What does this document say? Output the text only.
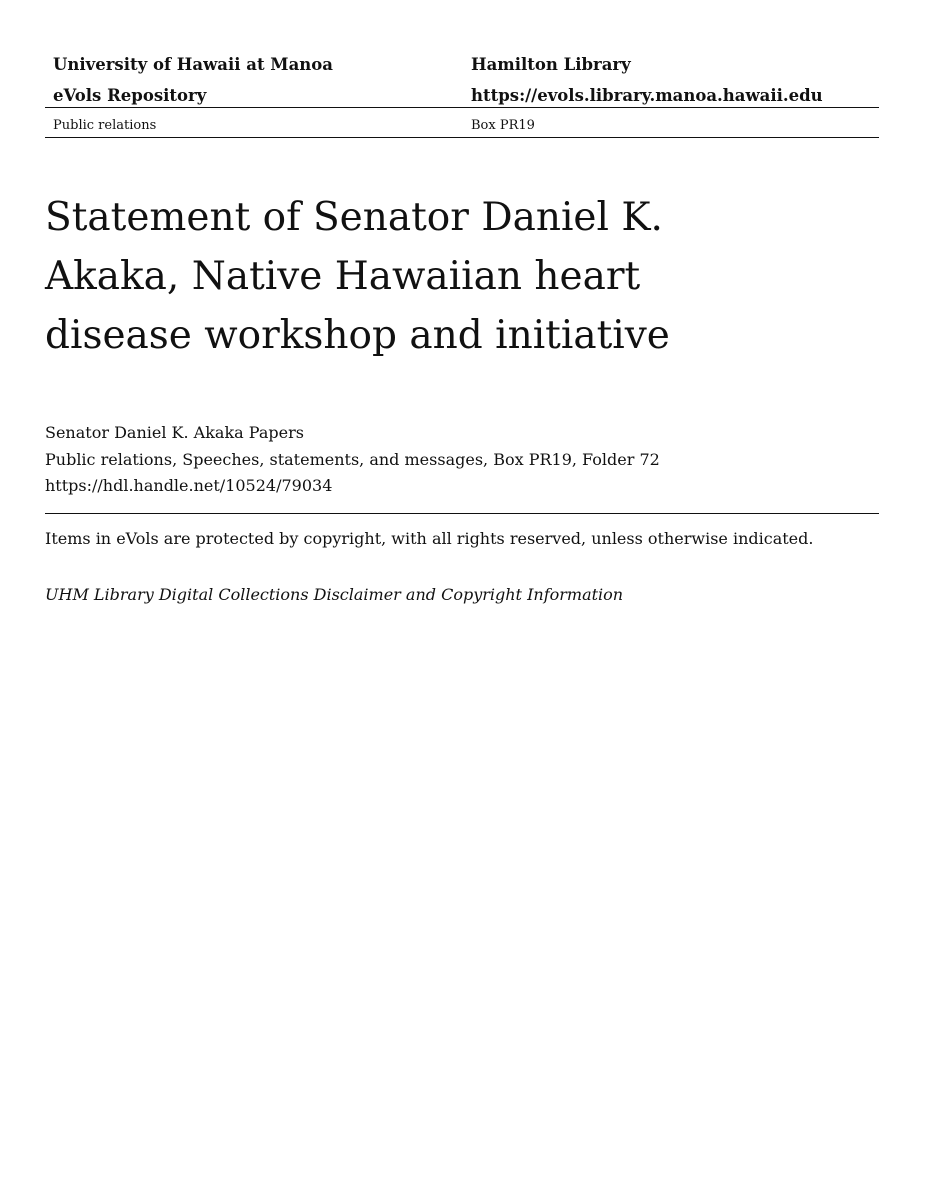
University of Hawaii at Manoa	Hamilton Library
eVols Repository	https://evols.library.manoa.hawaii.edu
Public relations	Box PR19
Statement of Senator Daniel K. Akaka, Native Hawaiian heart disease workshop and initiative
Senator Daniel K. Akaka Papers
Public relations, Speeches, statements, and messages, Box PR19, Folder 72
https://hdl.handle.net/10524/79034
Items in eVols are protected by copyright, with all rights reserved, unless otherwise indicated.
UHM Library Digital Collections Disclaimer and Copyright Information
